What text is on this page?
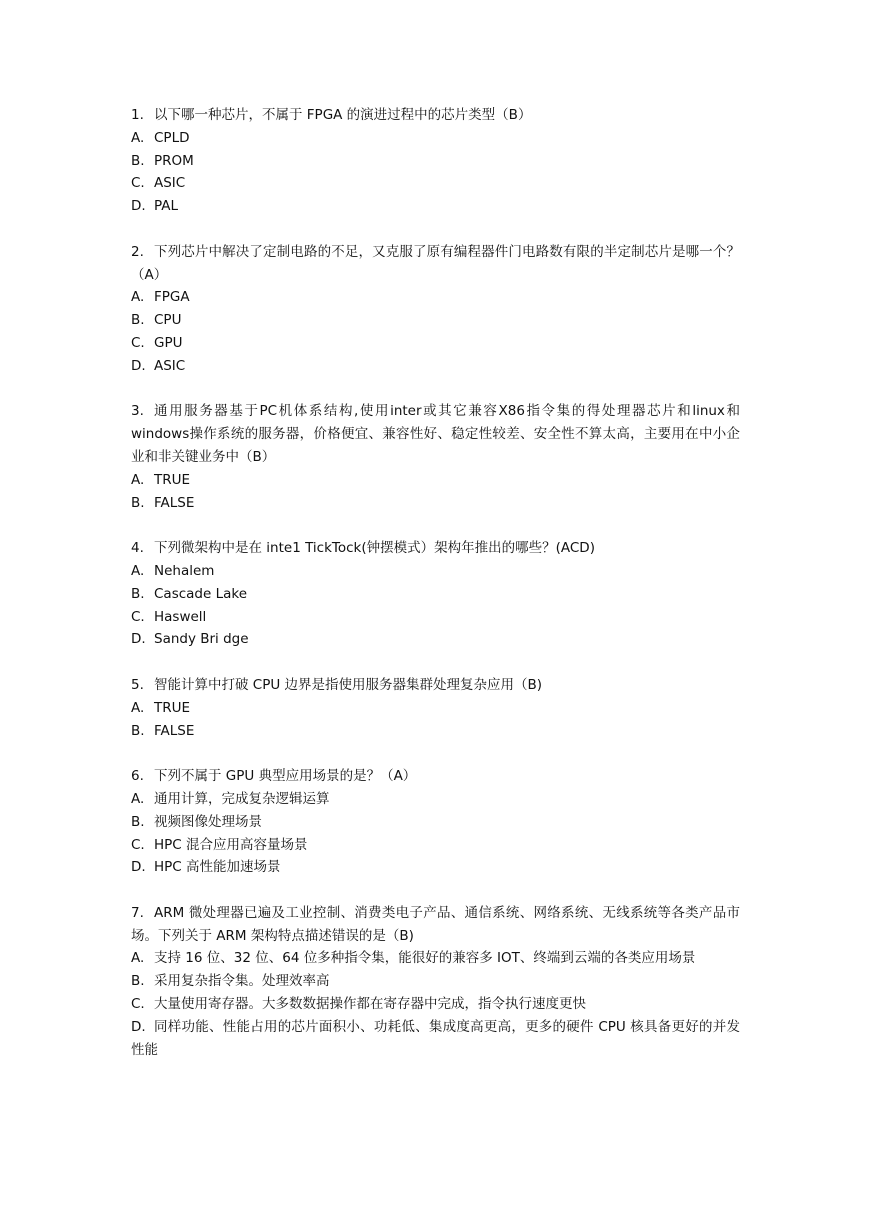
1. 以下哪一种芯片，不属于 FPGA 的演进过程中的芯片类型（B）
A. CPLD
B. PROM
C. ASIC
D. PAL
2. 下列芯片中解决了定制电路的不足，又克服了原有编程器件门电路数有限的半定制芯片是哪一个？（A）
A. FPGA
B. CPU
C. GPU
D. ASIC
3. 通用服务器基于PC机体系结构,使用inter或其它兼容X86指令集的得处理器芯片和linux和 windows操作系统的服务器，价格便宜、兼容性好、稳定性较差、安全性不算太高，主要用在中小企业和非关键业务中（B）
A. TRUE
B. FALSE
4. 下列微架构中是在 inte1 TickTock(钟摆模式）架构年推出的哪些？(ACD)
A. Nehalem
B. Cascade Lake
C. Haswell
D. Sandy Bri dge
5. 智能计算中打破 CPU 边界是指使用服务器集群处理复杂应用（B)
A. TRUE
B. FALSE
6. 下列不属于 GPU 典型应用场景的是？（A）
A. 通用计算，完成复杂逻辑运算
B. 视频图像处理场景
C. HPC 混合应用高容量场景
D. HPC 高性能加速场景
7. ARM 微处理器已遍及工业控制、消费类电子产品、通信系统、网络系统、无线系统等各类产品市场。下列关于 ARM 架构特点描述错误的是（B)
A. 支持 16 位、32 位、64 位多种指令集，能很好的兼容多 IOT、终端到云端的各类应用场景
B. 采用复杂指令集。处理效率高
C. 大量使用寄存器。大多数数据操作都在寄存器中完成，指令执行速度更快
D. 同样功能、性能占用的芯片面积小、功耗低、集成度高更高，更多的硬件 CPU 核具备更好的并发性能
